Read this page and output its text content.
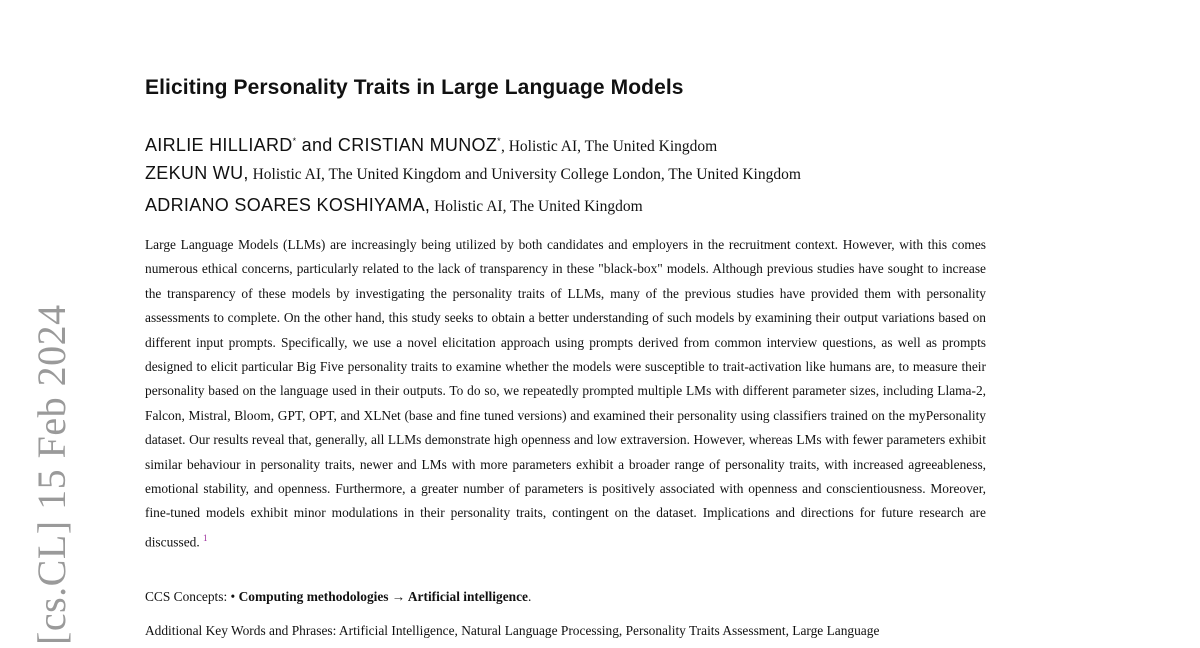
[cs.CL] 15 Feb 2024
Eliciting Personality Traits in Large Language Models
AIRLIE HILLIARD* and CRISTIAN MUNOZ*, Holistic AI, The United Kingdom
ZEKUN WU, Holistic AI, The United Kingdom and University College London, The United Kingdom
ADRIANO SOARES KOSHIYAMA, Holistic AI, The United Kingdom

Large Language Models (LLMs) are increasingly being utilized by both candidates and employers in the recruitment context. However, with this comes numerous ethical concerns, particularly related to the lack of transparency in these "black-box" models. Although previous studies have sought to increase the transparency of these models by investigating the personality traits of LLMs, many of the previous studies have provided them with personality assessments to complete. On the other hand, this study seeks to obtain a better understanding of such models by examining their output variations based on different input prompts. Specifically, we use a novel elicitation approach using prompts derived from common interview questions, as well as prompts designed to elicit particular Big Five personality traits to examine whether the models were susceptible to trait-activation like humans are, to measure their personality based on the language used in their outputs. To do so, we repeatedly prompted multiple LMs with different parameter sizes, including Llama-2, Falcon, Mistral, Bloom, GPT, OPT, and XLNet (base and fine tuned versions) and examined their personality using classifiers trained on the myPersonality dataset. Our results reveal that, generally, all LLMs demonstrate high openness and low extraversion. However, whereas LMs with fewer parameters exhibit similar behaviour in personality traits, newer and LMs with more parameters exhibit a broader range of personality traits, with increased agreeableness, emotional stability, and openness. Furthermore, a greater number of parameters is positively associated with openness and conscientiousness. Moreover, fine-tuned models exhibit minor modulations in their personality traits, contingent on the dataset. Implications and directions for future research are discussed. $^1$

CCS Concepts: • Computing methodologies → Artificial intelligence.

Additional Key Words and Phrases: Artificial Intelligence, Natural Language Processing, Personality Traits Assessment, Large Language
